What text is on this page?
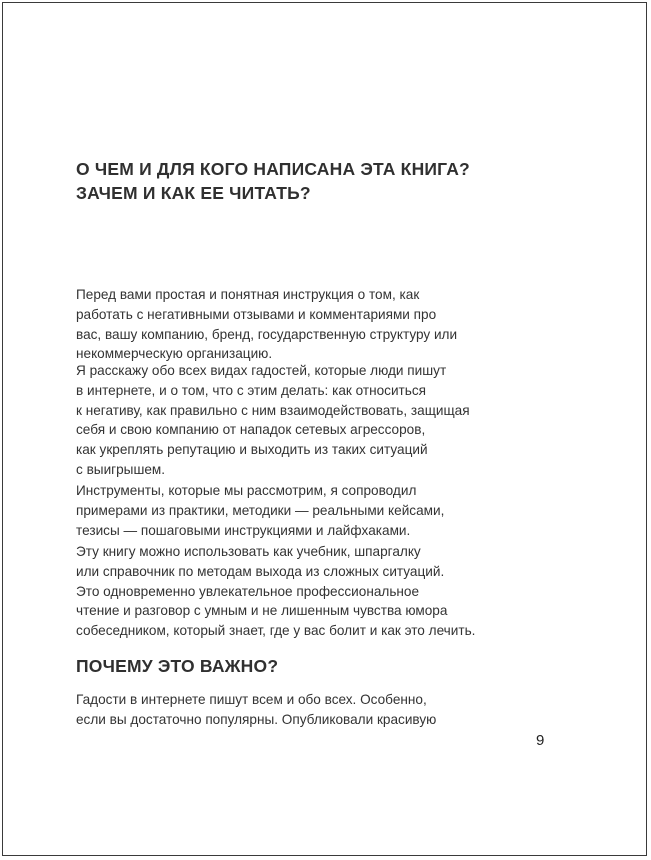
О ЧЕМ И ДЛЯ КОГО НАПИСАНА ЭТА КНИГА?
ЗАЧЕМ И КАК ЕЕ ЧИТАТЬ?
Перед вами простая и понятная инструкция о том, как
работать с негативными отзывами и комментариями про
вас, вашу компанию, бренд, государственную структуру или
некоммерческую организацию.
Я расскажу обо всех видах гадостей, которые люди пишут
в интернете, и о том, что с этим делать: как относиться
к негативу, как правильно с ним взаимодействовать, защищая
себя и свою компанию от нападок сетевых агрессоров,
как укреплять репутацию и выходить из таких ситуаций
с выигрышем.
Инструменты, которые мы рассмотрим, я сопроводил
примерами из практики, методики — реальными кейсами,
тезисы — пошаговыми инструкциями и лайфхаками.
Эту книгу можно использовать как учебник, шпаргалку
или справочник по методам выхода из сложных ситуаций.
Это одновременно увлекательное профессиональное
чтение и разговор с умным и не лишенным чувства юмора
собеседником, который знает, где у вас болит и как это лечить.
ПОЧЕМУ ЭТО ВАЖНО?
Гадости в интернете пишут всем и обо всех. Особенно,
если вы достаточно популярны. Опубликовали красивую
9
